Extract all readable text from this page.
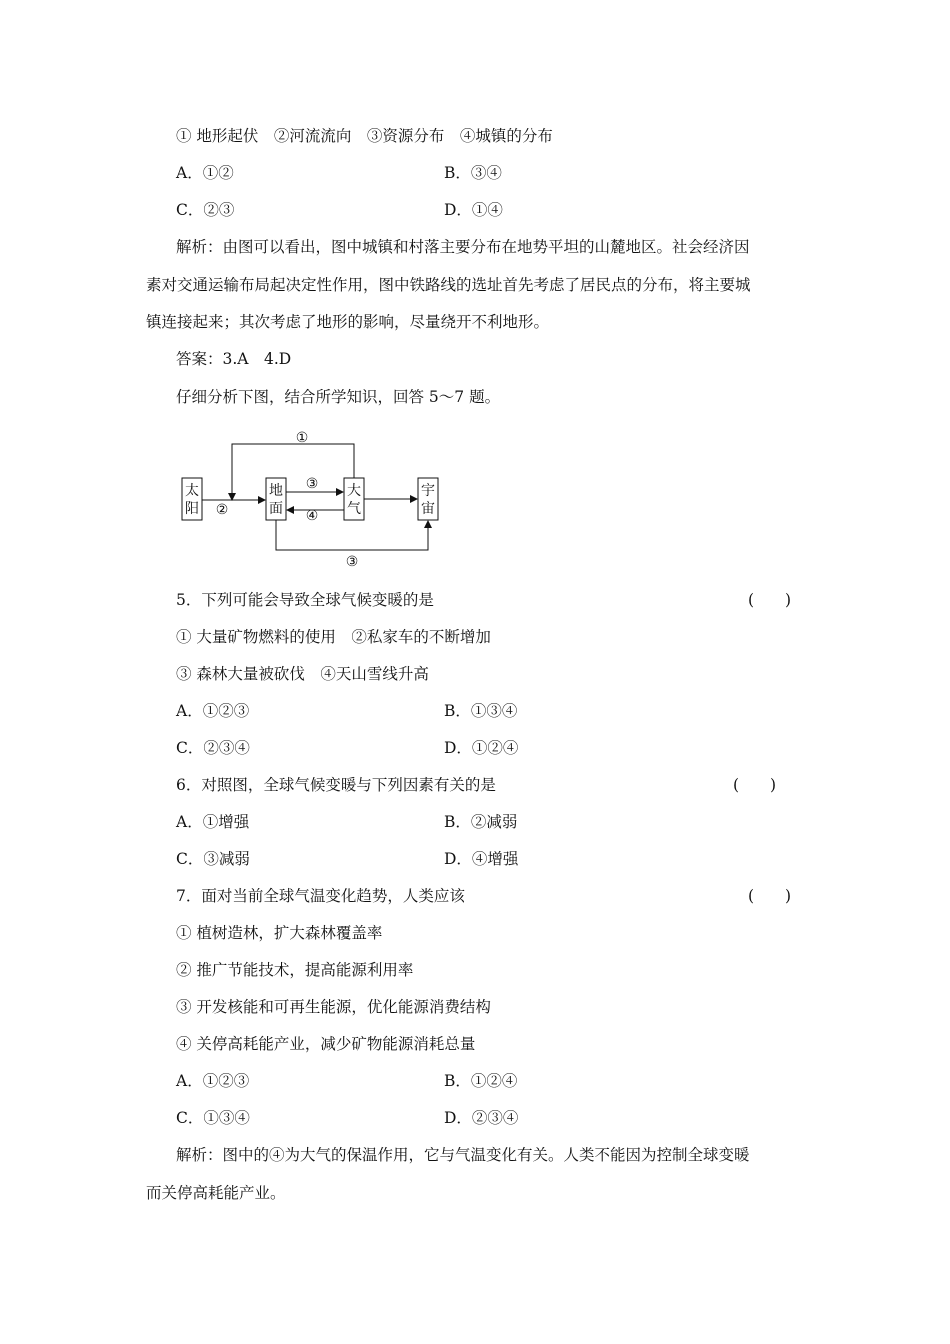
① 地形起伏　②河流流向　③资源分布　④城镇的分布
A．①②	B．③④
C．②③	D．①④
解析：由图可以看出，图中城镇和村落主要分布在地势平坦的山麓地区。社会经济因
素对交通运输布局起决定性作用，图中铁路线的选址首先考虑了居民点的分布，将主要城
镇连接起来；其次考虑了地形的影响，尽量绕开不利地形。
答案：3.A　4.D
仔细分析下图，结合所学知识，回答 5～7 题。
太
阳
地
面
大
气
宇
宙
①
②
③
④
③
5．下列可能会导致全球气候变暖的是	(　　)
① 大量矿物燃料的使用　②私家车的不断增加
③ 森林大量被砍伐　④天山雪线升高
A．①②③	B．①③④
C．②③④	D．①②④
6．对照图，全球气候变暖与下列因素有关的是	(　　)
A．①增强	B．②减弱
C．③减弱	D．④增强
7．面对当前全球气温变化趋势，人类应该	(　　)
① 植树造林，扩大森林覆盖率
② 推广节能技术，提高能源利用率
③ 开发核能和可再生能源，优化能源消费结构
④ 关停高耗能产业，减少矿物能源消耗总量
A．①②③	B．①②④
C．①③④	D．②③④
解析：图中的④为大气的保温作用，它与气温变化有关。人类不能因为控制全球变暖
而关停高耗能产业。
